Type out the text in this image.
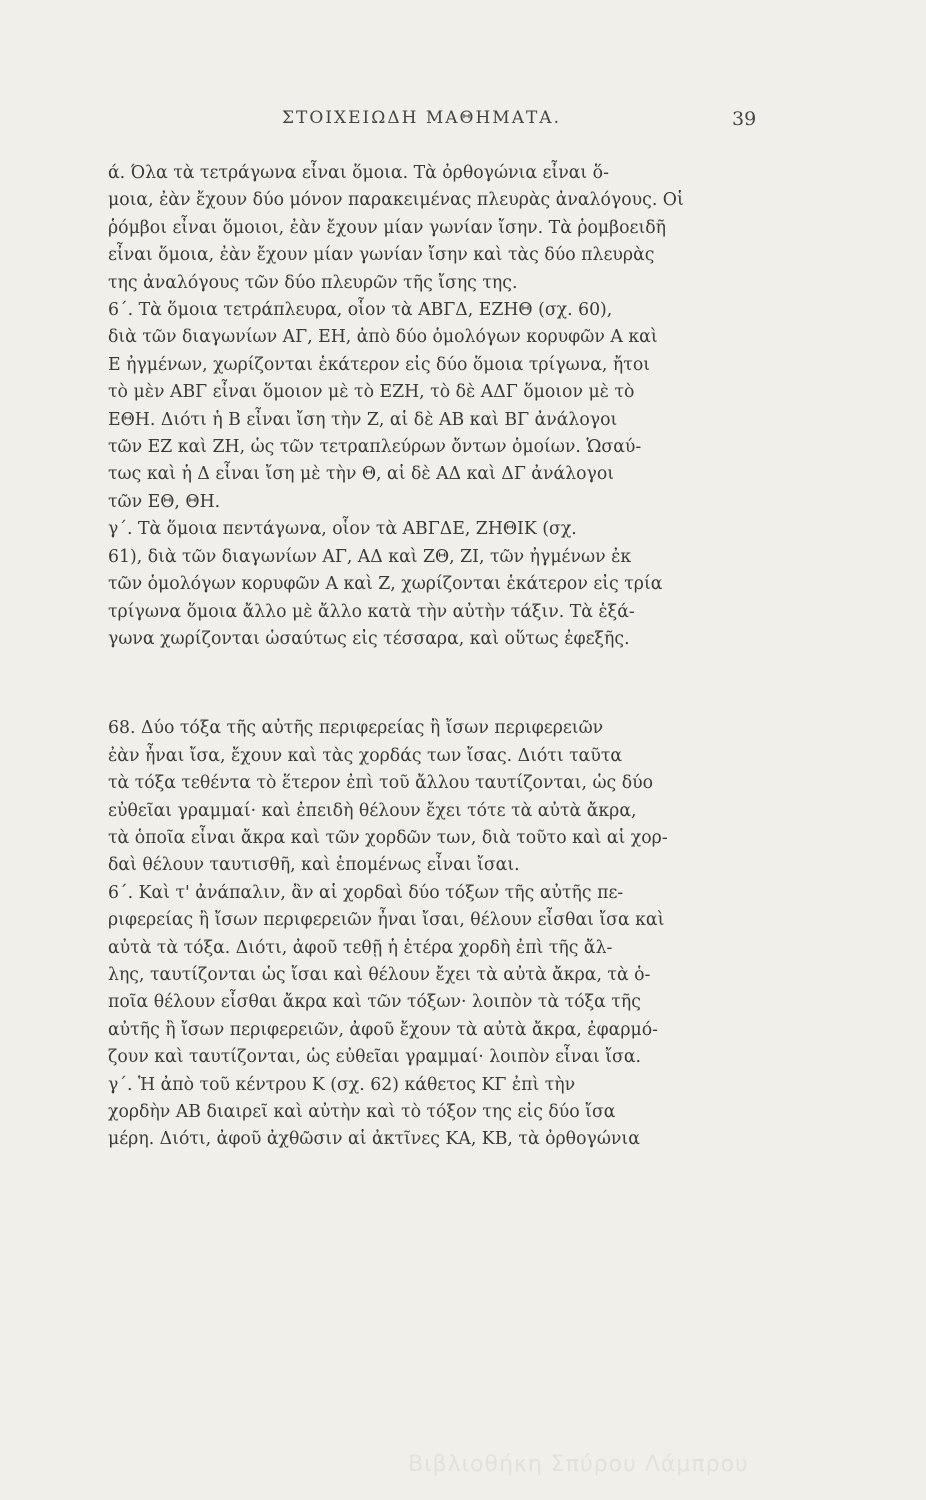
ΣΤΟΙΧΕΙΩΔΗ ΜΑΘΗΜΑΤΑ.	39

ά. Όλα τὰ τετράγωνα εἶναι ὅμοια. Τὰ ὀρθογώνια εἶναι ὅ-
μοια, ἐὰν ἔχουν δύο μόνον παρακειμένας πλευρὰς ἀναλόγους. Οἱ
ῥόμβοι εἶναι ὅμοιοι, ἐὰν ἔχουν μίαν γωνίαν ἴσην. Τὰ ῥομβοειδῆ
εἶναι ὅμοια, ἐὰν ἔχουν μίαν γωνίαν ἴσην καὶ τὰς δύο πλευρὰς
της ἀναλόγους τῶν δύο πλευρῶν τῆς ἴσης της.

6΄. Τὰ ὅμοια τετράπλευρα, οἷον τὰ ΑΒΓΔ, ΕΖΗΘ (σχ. 60),
διὰ τῶν διαγωνίων ΑΓ, ΕΗ, ἀπὸ δύο ὁμολόγων κορυφῶν Α καὶ
Ε ἠγμένων, χωρίζονται ἑκάτερον εἰς δύο ὅμοια τρίγωνα, ἤτοι
τὸ μὲν ΑΒΓ εἶναι ὅμοιον μὲ τὸ ΕΖΗ, τὸ δὲ ΑΔΓ ὅμοιον μὲ τὸ
ΕΘΗ. Διότι ἡ Β εἶναι ἴση τὴν Ζ, αἱ δὲ ΑΒ καὶ ΒΓ ἀνάλογοι
τῶν ΕΖ καὶ ΖΗ, ὡς τῶν τετραπλεύρων ὄντων ὁμοίων. Ὡσαύ-
τως καὶ ἡ Δ εἶναι ἴση μὲ τὴν Θ, αἱ δὲ ΑΔ καὶ ΔΓ ἀνάλογοι
τῶν ΕΘ, ΘΗ.

γ΄. Τὰ ὅμοια πεντάγωνα, οἷον τὰ ΑΒΓΔΕ, ΖΗΘΙΚ (σχ.
61), διὰ τῶν διαγωνίων ΑΓ, ΑΔ καὶ ΖΘ, ΖΙ, τῶν ἠγμένων ἐκ
τῶν ὁμολόγων κορυφῶν Α καὶ Ζ, χωρίζονται ἑκάτερον εἰς τρία
τρίγωνα ὅμοια ἄλλο μὲ ἄλλο κατὰ τὴν αὐτὴν τάξιν. Τὰ ἑξά-
γωνα χωρίζονται ὡσαύτως εἰς τέσσαρα, καὶ οὕτως ἐφεξῆς.

68. Δύο τόξα τῆς αὐτῆς περιφερείας ἢ ἴσων περιφερειῶν
ἐὰν ἦναι ἴσα, ἔχουν καὶ τὰς χορδάς των ἴσας. Διότι ταῦτα
τὰ τόξα τεθέντα τὸ ἕτερον ἐπὶ τοῦ ἄλλου ταυτίζονται, ὡς δύο
εὐθεῖαι γραμμαί· καὶ ἐπειδὴ θέλουν ἔχει τότε τὰ αὐτὰ ἄκρα,
τὰ ὁποῖα εἶναι ἄκρα καὶ τῶν χορδῶν των, διὰ τοῦτο καὶ αἱ χορ-
δαὶ θέλουν ταυτισθῆ, καὶ ἑπομένως εἶναι ἴσαι.

6΄. Καὶ τ' ἀνάπαλιν, ἂν αἱ χορδαὶ δύο τόξων τῆς αὐτῆς πε-
ριφερείας ἢ ἴσων περιφερειῶν ἦναι ἴσαι, θέλουν εἶσθαι ἴσα καὶ
αὐτὰ τὰ τόξα. Διότι, ἀφοῦ τεθῇ ἡ ἑτέρα χορδὴ ἐπὶ τῆς ἄλ-
λης, ταυτίζονται ὡς ἴσαι καὶ θέλουν ἔχει τὰ αὐτὰ ἄκρα, τὰ ὁ-
ποῖα θέλουν εἶσθαι ἄκρα καὶ τῶν τόξων· λοιπὸν τὰ τόξα τῆς
αὐτῆς ἢ ἴσων περιφερειῶν, ἀφοῦ ἔχουν τὰ αὐτὰ ἄκρα, ἐφαρμό-
ζουν καὶ ταυτίζονται, ὡς εὐθεῖαι γραμμαί· λοιπὸν εἶναι ἴσα.

γ΄. Ἡ ἀπὸ τοῦ κέντρου Κ (σχ. 62) κάθετος ΚΓ ἐπὶ τὴν
χορδὴν ΑΒ διαιρεῖ καὶ αὐτὴν καὶ τὸ τόξον της εἰς δύο ἴσα
μέρη. Διότι, ἀφοῦ ἀχθῶσιν αἱ ἀκτῖνες ΚΑ, ΚΒ, τὰ ὀρθογώνια

Βιβλιοθήκη Σπύρου Λάμπρου
